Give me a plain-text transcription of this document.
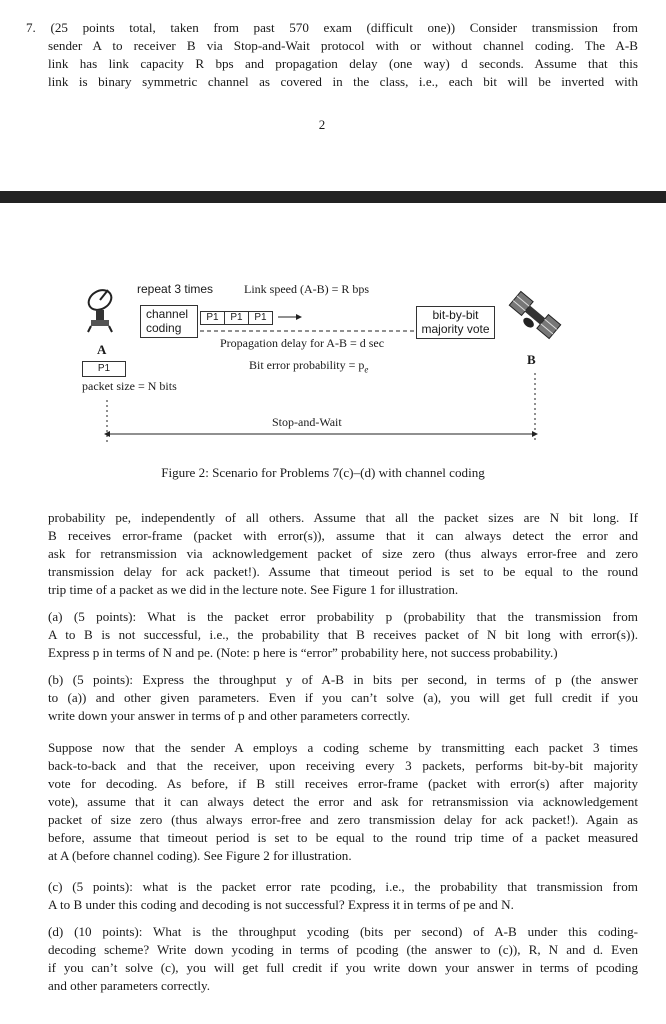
7. (25 points total, taken from past 570 exam (difficult one)) Consider transmission from
sender A to receiver B via Stop-and-Wait protocol with or without channel coding. The A-B
link has link capacity R bps and propagation delay (one way) d seconds. Assume that this
link is binary symmetric channel as covered in the class, i.e., each bit will be inverted with
2
repeat 3 times	Link speed (A-B) = R bps
channel coding
P1	P1	P1	bit-by-bit majority vote
A
B
P1
packet size = N bits
Propagation delay for A-B = d sec
Bit error probability = $p_e$
Stop-and-Wait
Figure 2: Scenario for Problems 7(c)–(d) with channel coding
probability pe, independently of all others. Assume that all the packet sizes are N bit long. If
B receives error-frame (packet with error(s)), assume that it can always detect the error and
ask for retransmission via acknowledgement packet of size zero (thus always error-free and zero
transmission delay for ack packet!). Assume that timeout period is set to be equal to the round
trip time of a packet as we did in the lecture note. See Figure 1 for illustration.
(a) (5 points): What is the packet error probability p (probability that the transmission from
A to B is not successful, i.e., the probability that B receives packet of N bit long with error(s)).
Express p in terms of N and pe. (Note: p here is “error” probability here, not success probability.)
(b) (5 points): Express the throughput y of A-B in bits per second, in terms of p (the answer
to (a)) and other given parameters. Even if you can’t solve (a), you will get full credit if you
write down your answer in terms of p and other parameters correctly.
Suppose now that the sender A employs a coding scheme by transmitting each packet 3 times
back-to-back and that the receiver, upon receiving every 3 packets, performs bit-by-bit majority
vote for decoding. As before, if B still receives error-frame (packet with error(s) after majority
vote), assume that it can always detect the error and ask for retransmission via acknowledgement
packet of size zero (thus always error-free and zero transmission delay for ack packet!). Again as
before, assume that timeout period is set to be equal to the round trip time of a packet measured
at A (before channel coding). See Figure 2 for illustration.
(c) (5 points): what is the packet error rate pcoding, i.e., the probability that transmission from
A to B under this coding and decoding is not successful? Express it in terms of pe and N.
(d) (10 points): What is the throughput ycoding (bits per second) of A-B under this coding-
decoding scheme? Write down ycoding in terms of pcoding (the answer to (c)), R, N and d. Even
if you can’t solve (c), you will get full credit if you write down your answer in terms of pcoding
and other parameters correctly.
